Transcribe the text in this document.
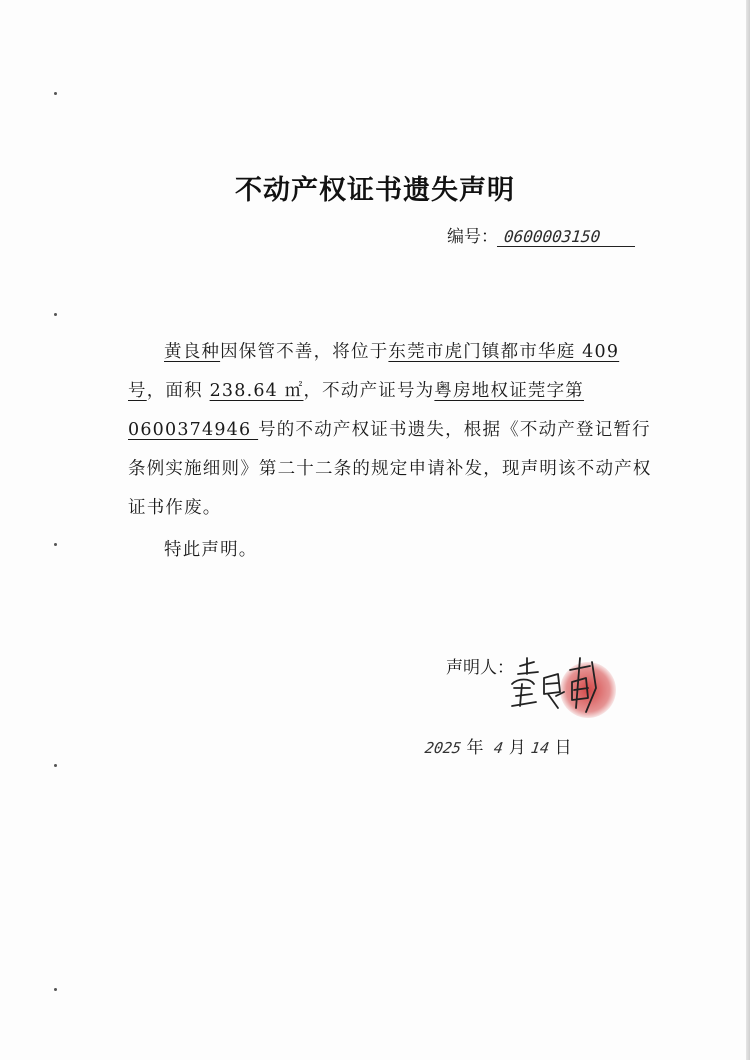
不动产权证书遗失声明
编号： 0600003150
黄良种因保管不善，将位于东莞市虎门镇都市华庭 409号，面积 238.64 ㎡，不动产证号为粤房地权证莞字第0600374946 号的不动产权证书遗失，根据《不动产登记暂行条例实施细则》第二十二条的规定申请补发，现声明该不动产权证书作废。
特此声明。
声明人：
2025 年 4 月 14 日
